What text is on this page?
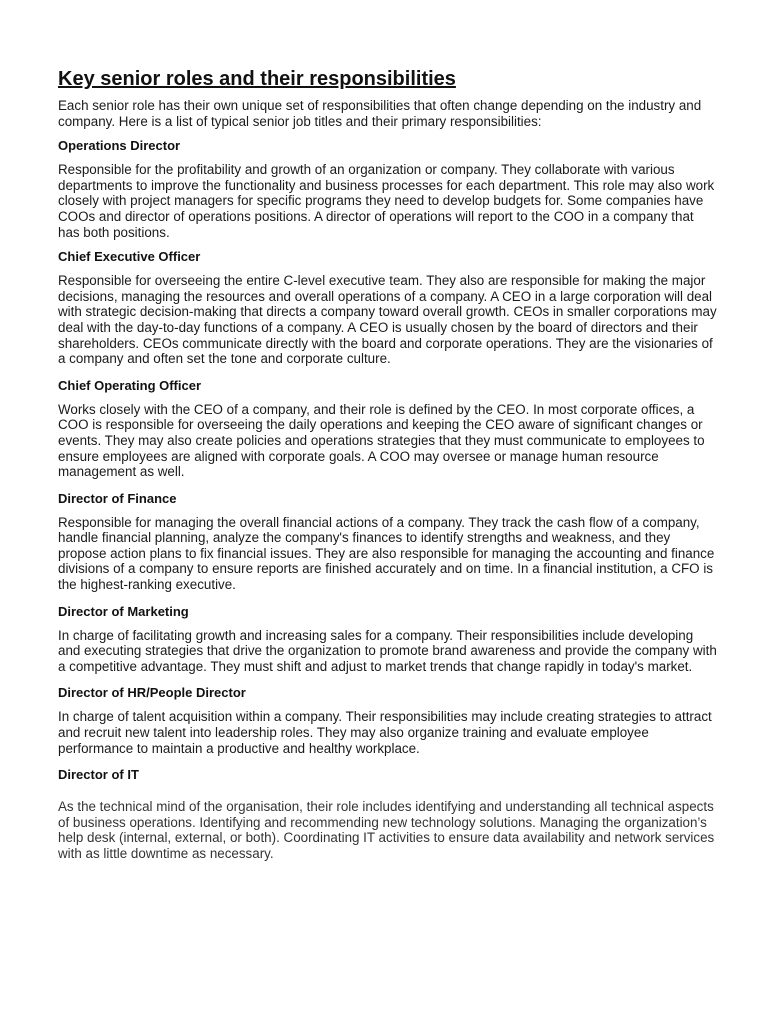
Key senior roles and their responsibilities

Each senior role has their own unique set of responsibilities that often change depending on the industry and company. Here is a list of typical senior job titles and their primary responsibilities:

Operations Director

Responsible for the profitability and growth of an organization or company. They collaborate with various departments to improve the functionality and business processes for each department. This role may also work closely with project managers for specific programs they need to develop budgets for. Some companies have COOs and director of operations positions. A director of operations will report to the COO in a company that has both positions.

Chief Executive Officer

Responsible for overseeing the entire C-level executive team. They also are responsible for making the major decisions, managing the resources and overall operations of a company. A CEO in a large corporation will deal with strategic decision-making that directs a company toward overall growth. CEOs in smaller corporations may deal with the day-to-day functions of a company. A CEO is usually chosen by the board of directors and their shareholders. CEOs communicate directly with the board and corporate operations. They are the visionaries of a company and often set the tone and corporate culture.

Chief Operating Officer

Works closely with the CEO of a company, and their role is defined by the CEO. In most corporate offices, a COO is responsible for overseeing the daily operations and keeping the CEO aware of significant changes or events. They may also create policies and operations strategies that they must communicate to employees to ensure employees are aligned with corporate goals. A COO may oversee or manage human resource management as well.

Director of Finance

Responsible for managing the overall financial actions of a company. They track the cash flow of a company, handle financial planning, analyze the company's finances to identify strengths and weakness, and they propose action plans to fix financial issues. They are also responsible for managing the accounting and finance divisions of a company to ensure reports are finished accurately and on time. In a financial institution, a CFO is the highest-ranking executive.

Director of Marketing

In charge of facilitating growth and increasing sales for a company. Their responsibilities include developing and executing strategies that drive the organization to promote brand awareness and provide the company with a competitive advantage. They must shift and adjust to market trends that change rapidly in today's market.

Director of HR/People Director

In charge of talent acquisition within a company. Their responsibilities may include creating strategies to attract and recruit new talent into leadership roles. They may also organize training and evaluate employee performance to maintain a productive and healthy workplace.

Director of IT

As the technical mind of the organisation, their role includes identifying and understanding all technical aspects of business operations. Identifying and recommending new technology solutions. Managing the organization’s help desk (internal, external, or both). Coordinating IT activities to ensure data availability and network services with as little downtime as necessary.
